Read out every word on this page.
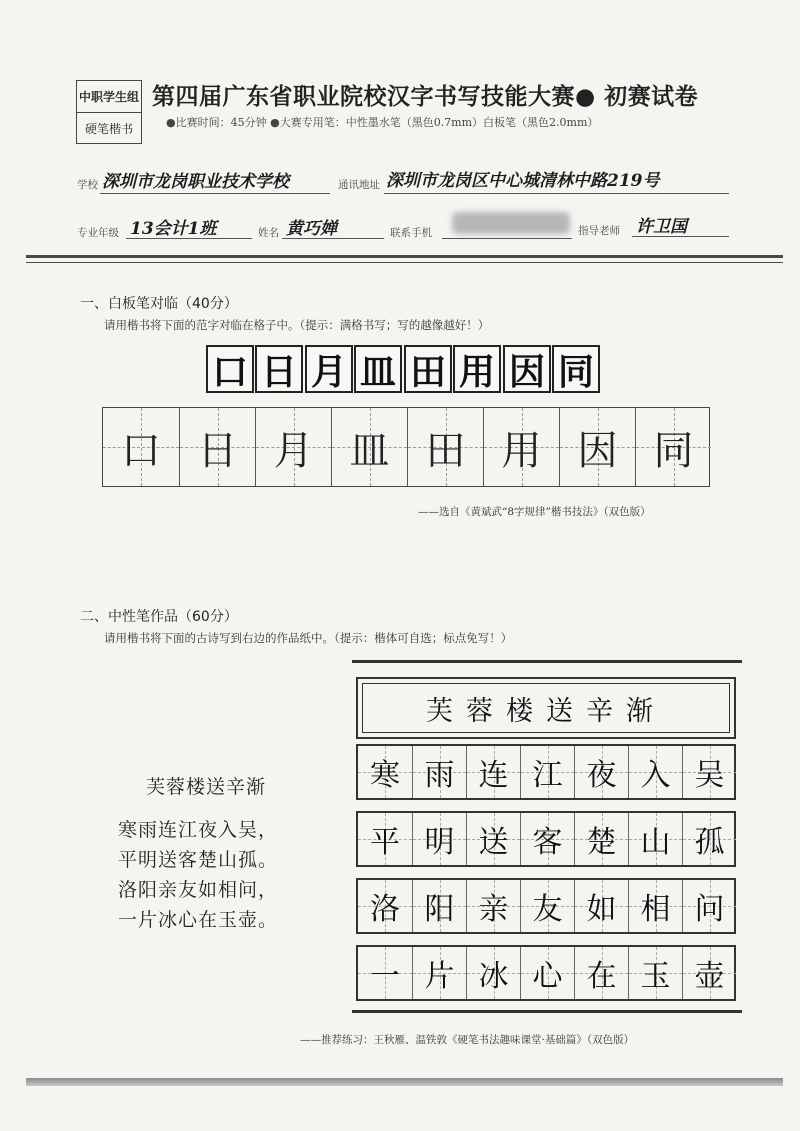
中职学生组
硬笔楷书
第四届广东省职业院校汉字书写技能大赛● 初赛试卷
●比赛时间：45分钟 ●大赛专用笔：中性墨水笔（黑色0.7mm）白板笔（黑色2.0mm）
学校 深圳市龙岗职业技术学校	通讯地址 深圳市龙岗区中心城清林中路219号
专业年级 13会计1班	姓名 黄巧婵	联系手机	指导老师 许卫国
一、白板笔对临（40分）
请用楷书将下面的范字对临在格子中。（提示：满格书写；写的越像越好！）
口 日 月 皿 田 用 因 同
口 日 月 皿 田 用 因 同
——选自《黄斌武“8字规律”楷书技法》（双色版）
二、中性笔作品（60分）
请用楷书将下面的古诗写到右边的作品纸中。（提示：楷体可自选；标点免写！）
芙蓉楼送辛渐
寒雨连江夜入吴，
平明送客楚山孤。
洛阳亲友如相问，
一片冰心在玉壶。
芙蓉楼送辛渐
寒 雨 连 江 夜 入 吴
平 明 送 客 楚 山 孤
洛 阳 亲 友 如 相 问
一 片 冰 心 在 玉 壶
——推荐练习：王秋雁、温铁敦《硬笔书法趣味课堂·基础篇》（双色版）
